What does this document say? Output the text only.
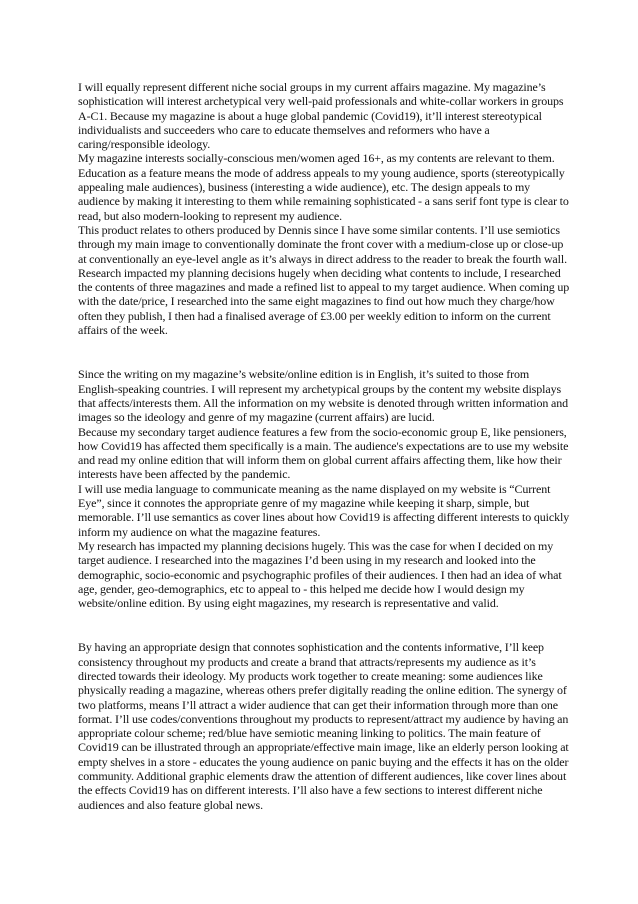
I will equally represent different niche social groups in my current affairs magazine. My magazine’s sophistication will interest archetypical very well-paid professionals and white-collar workers in groups A-C1. Because my magazine is about a huge global pandemic (Covid19), it’ll interest stereotypical individualists and succeeders who care to educate themselves and reformers who have a caring/responsible ideology.

My magazine interests socially-conscious men/women aged 16+, as my contents are relevant to them. Education as a feature means the mode of address appeals to my young audience, sports (stereotypically appealing male audiences), business (interesting a wide audience), etc. The design appeals to my audience by making it interesting to them while remaining sophisticated - a sans serif font type is clear to read, but also modern-looking to represent my audience.

This product relates to others produced by Dennis since I have some similar contents. I’ll use semiotics through my main image to conventionally dominate the front cover with a medium-close up or close-up at conventionally an eye-level angle as it’s always in direct address to the reader to break the fourth wall.

Research impacted my planning decisions hugely when deciding what contents to include, I researched the contents of three magazines and made a refined list to appeal to my target audience. When coming up with the date/price, I researched into the same eight magazines to find out how much they charge/how often they publish, I then had a finalised average of £3.00 per weekly edition to inform on the current affairs of the week.

Since the writing on my magazine’s website/online edition is in English, it’s suited to those from English-speaking countries. I will represent my archetypical groups by the content my website displays that affects/interests them. All the information on my website is denoted through written information and images so the ideology and genre of my magazine (current affairs) are lucid.

Because my secondary target audience features a few from the socio-economic group E, like pensioners, how Covid19 has affected them specifically is a main. The audience's expectations are to use my website and read my online edition that will inform them on global current affairs affecting them, like how their interests have been affected by the pandemic.

I will use media language to communicate meaning as the name displayed on my website is “Current Eye”, since it connotes the appropriate genre of my magazine while keeping it sharp, simple, but memorable. I’ll use semantics as cover lines about how Covid19 is affecting different interests to quickly inform my audience on what the magazine features.

My research has impacted my planning decisions hugely. This was the case for when I decided on my target audience. I researched into the magazines I’d been using in my research and looked into the demographic, socio-economic and psychographic profiles of their audiences. I then had an idea of what age, gender, geo-demographics, etc to appeal to - this helped me decide how I would design my website/online edition. By using eight magazines, my research is representative and valid.

By having an appropriate design that connotes sophistication and the contents informative, I’ll keep consistency throughout my products and create a brand that attracts/represents my audience as it’s directed towards their ideology. My products work together to create meaning: some audiences like physically reading a magazine, whereas others prefer digitally reading the online edition. The synergy of two platforms, means I’ll attract a wider audience that can get their information through more than one format. I’ll use codes/conventions throughout my products to represent/attract my audience by having an appropriate colour scheme; red/blue have semiotic meaning linking to politics. The main feature of Covid19 can be illustrated through an appropriate/effective main image, like an elderly person looking at empty shelves in a store - educates the young audience on panic buying and the effects it has on the older community. Additional graphic elements draw the attention of different audiences, like cover lines about the effects Covid19 has on different interests. I’ll also have a few sections to interest different niche audiences and also feature global news.
